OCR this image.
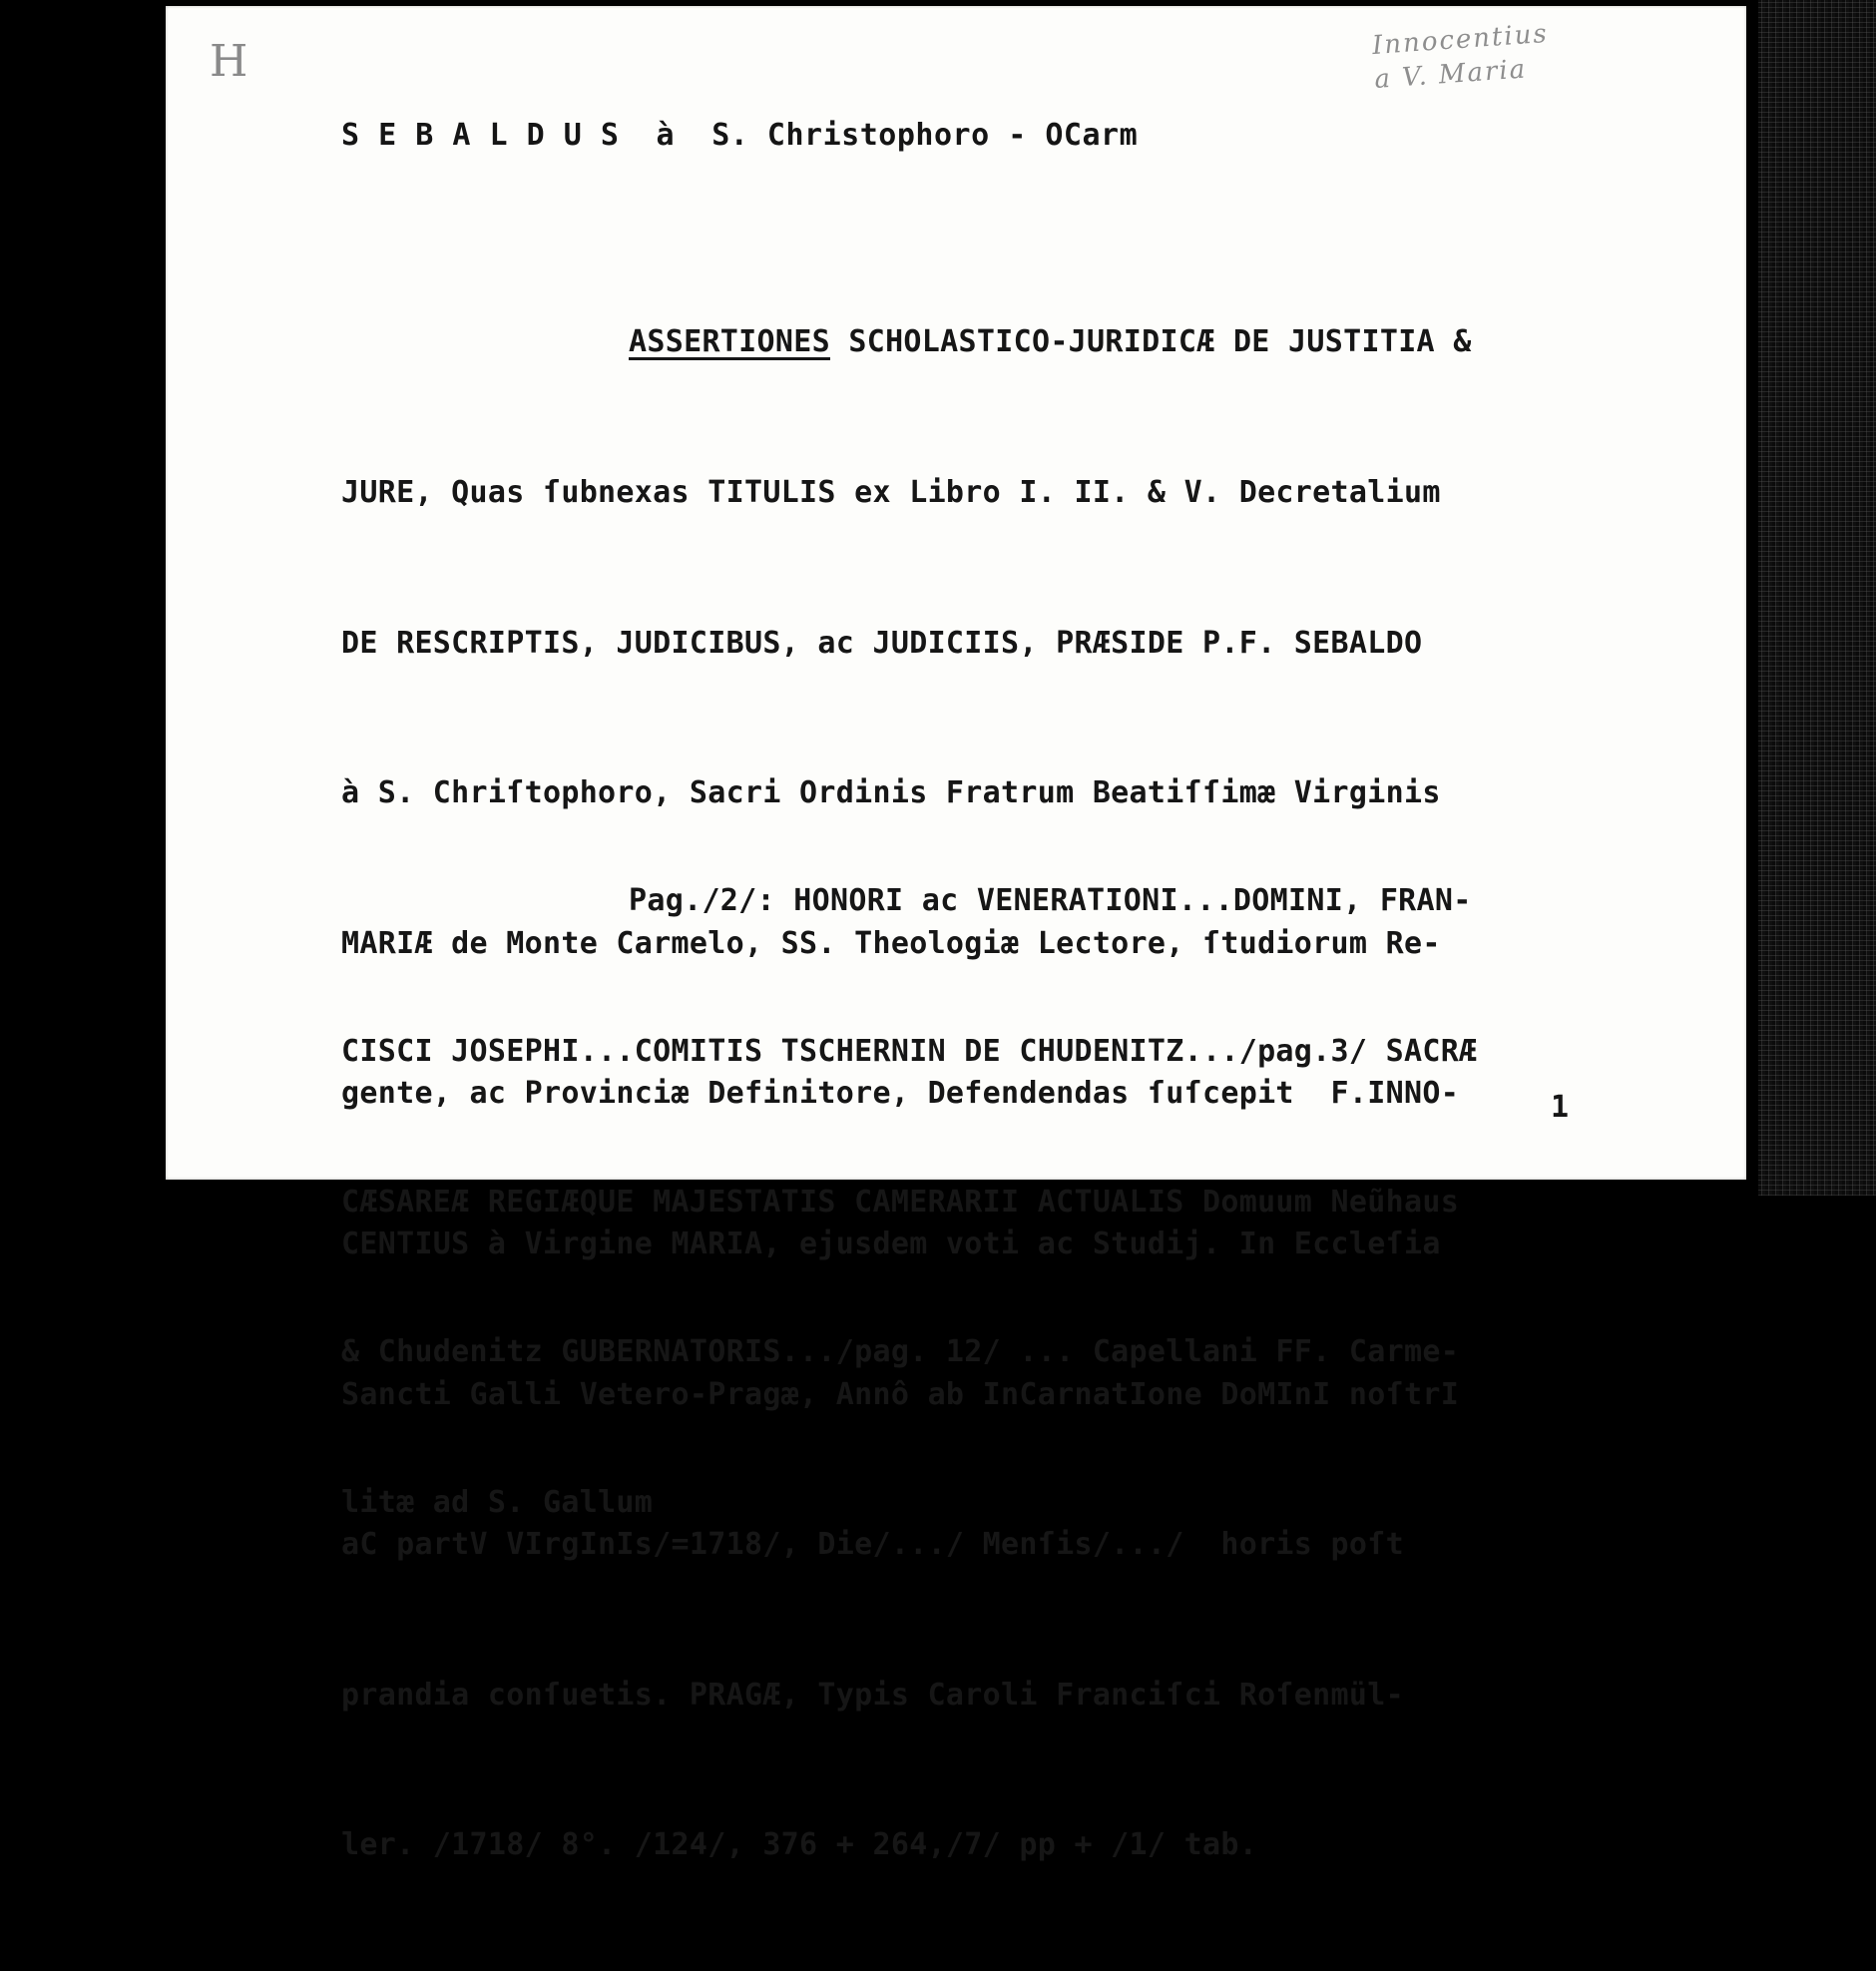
H	Innocentius
a V. Maria
S E B A L D U S  à  S. Christophoro - OCarm

ASSERTIONES SCHOLASTICO-JURIDICÆ DE JUSTITIA &

JURE, Quas ſubnexas TITULIS ex Libro I. II. & V. Decretalium

DE RESCRIPTIS, JUDICIBUS, ac JUDICIIS, PRÆSIDE P.F. SEBALDO

à S. Chriſtophoro, Sacri Ordinis Fratrum Beatiſſimæ Virginis

MARIÆ de Monte Carmelo, SS. Theologiæ Lectore, ſtudiorum Re-

gente, ac Provinciæ Definitore, Defendendas ſuſcepit  F.INNO-

CENTIUS à Virgine MARIA, ejusdem voti ac Studij. In Eccleſia

Sancti Galli Vetero-Pragæ, Annô ab InCarnatIone DoMInI noſtrI

aC partV VIrgInIs/=1718/, Die/.../ Menſis/.../  horis poſt

prandia conſuetis. PRAGÆ, Typis Caroli Franciſci Roſenmül-

ler. /1718/ 8°. /124/, 376 + 264,/7/ pp + /1/ tab.

Pag./2/: HONORI ac VENERATIONI...DOMINI, FRAN-

CISCI JOSEPHI...COMITIS TSCHERNIN DE CHUDENITZ.../pag.3/ SACRÆ

CÆSAREÆ REGIÆQUE MAJESTATIS CAMERARII ACTUALIS Domuum Neũhaus

& Chudenitz GUBERNATORIS.../pag. 12/ ... Capellani FF. Carme-

litæ ad S. Gallum

1
